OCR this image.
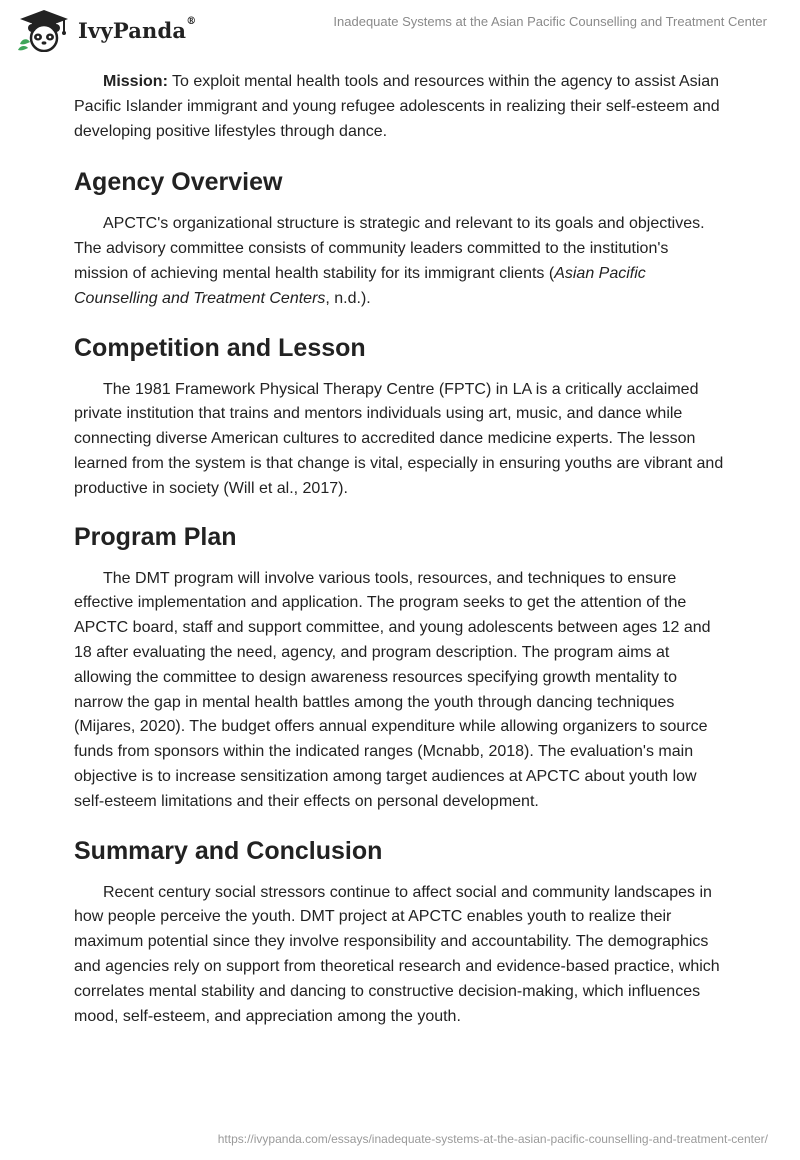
IvyPanda®	Inadequate Systems at the Asian Pacific Counselling and Treatment Center

Mission: To exploit mental health tools and resources within the agency to assist Asian Pacific Islander immigrant and young refugee adolescents in realizing their self-esteem and developing positive lifestyles through dance.

Agency Overview

APCTC's organizational structure is strategic and relevant to its goals and objectives. The advisory committee consists of community leaders committed to the institution's mission of achieving mental health stability for its immigrant clients (Asian Pacific Counselling and Treatment Centers, n.d.).

Competition and Lesson

The 1981 Framework Physical Therapy Centre (FPTC) in LA is a critically acclaimed private institution that trains and mentors individuals using art, music, and dance while connecting diverse American cultures to accredited dance medicine experts. The lesson learned from the system is that change is vital, especially in ensuring youths are vibrant and productive in society (Will et al., 2017).

Program Plan

The DMT program will involve various tools, resources, and techniques to ensure effective implementation and application. The program seeks to get the attention of the APCTC board, staff and support committee, and young adolescents between ages 12 and 18 after evaluating the need, agency, and program description. The program aims at allowing the committee to design awareness resources specifying growth mentality to narrow the gap in mental health battles among the youth through dancing techniques (Mijares, 2020). The budget offers annual expenditure while allowing organizers to source funds from sponsors within the indicated ranges (Mcnabb, 2018). The evaluation's main objective is to increase sensitization among target audiences at APCTC about youth low self-esteem limitations and their effects on personal development.

Summary and Conclusion

Recent century social stressors continue to affect social and community landscapes in how people perceive the youth. DMT project at APCTC enables youth to realize their maximum potential since they involve responsibility and accountability. The demographics and agencies rely on support from theoretical research and evidence-based practice, which correlates mental stability and dancing to constructive decision-making, which influences mood, self-esteem, and appreciation among the youth.

https://ivypanda.com/essays/inadequate-systems-at-the-asian-pacific-counselling-and-treatment-center/
